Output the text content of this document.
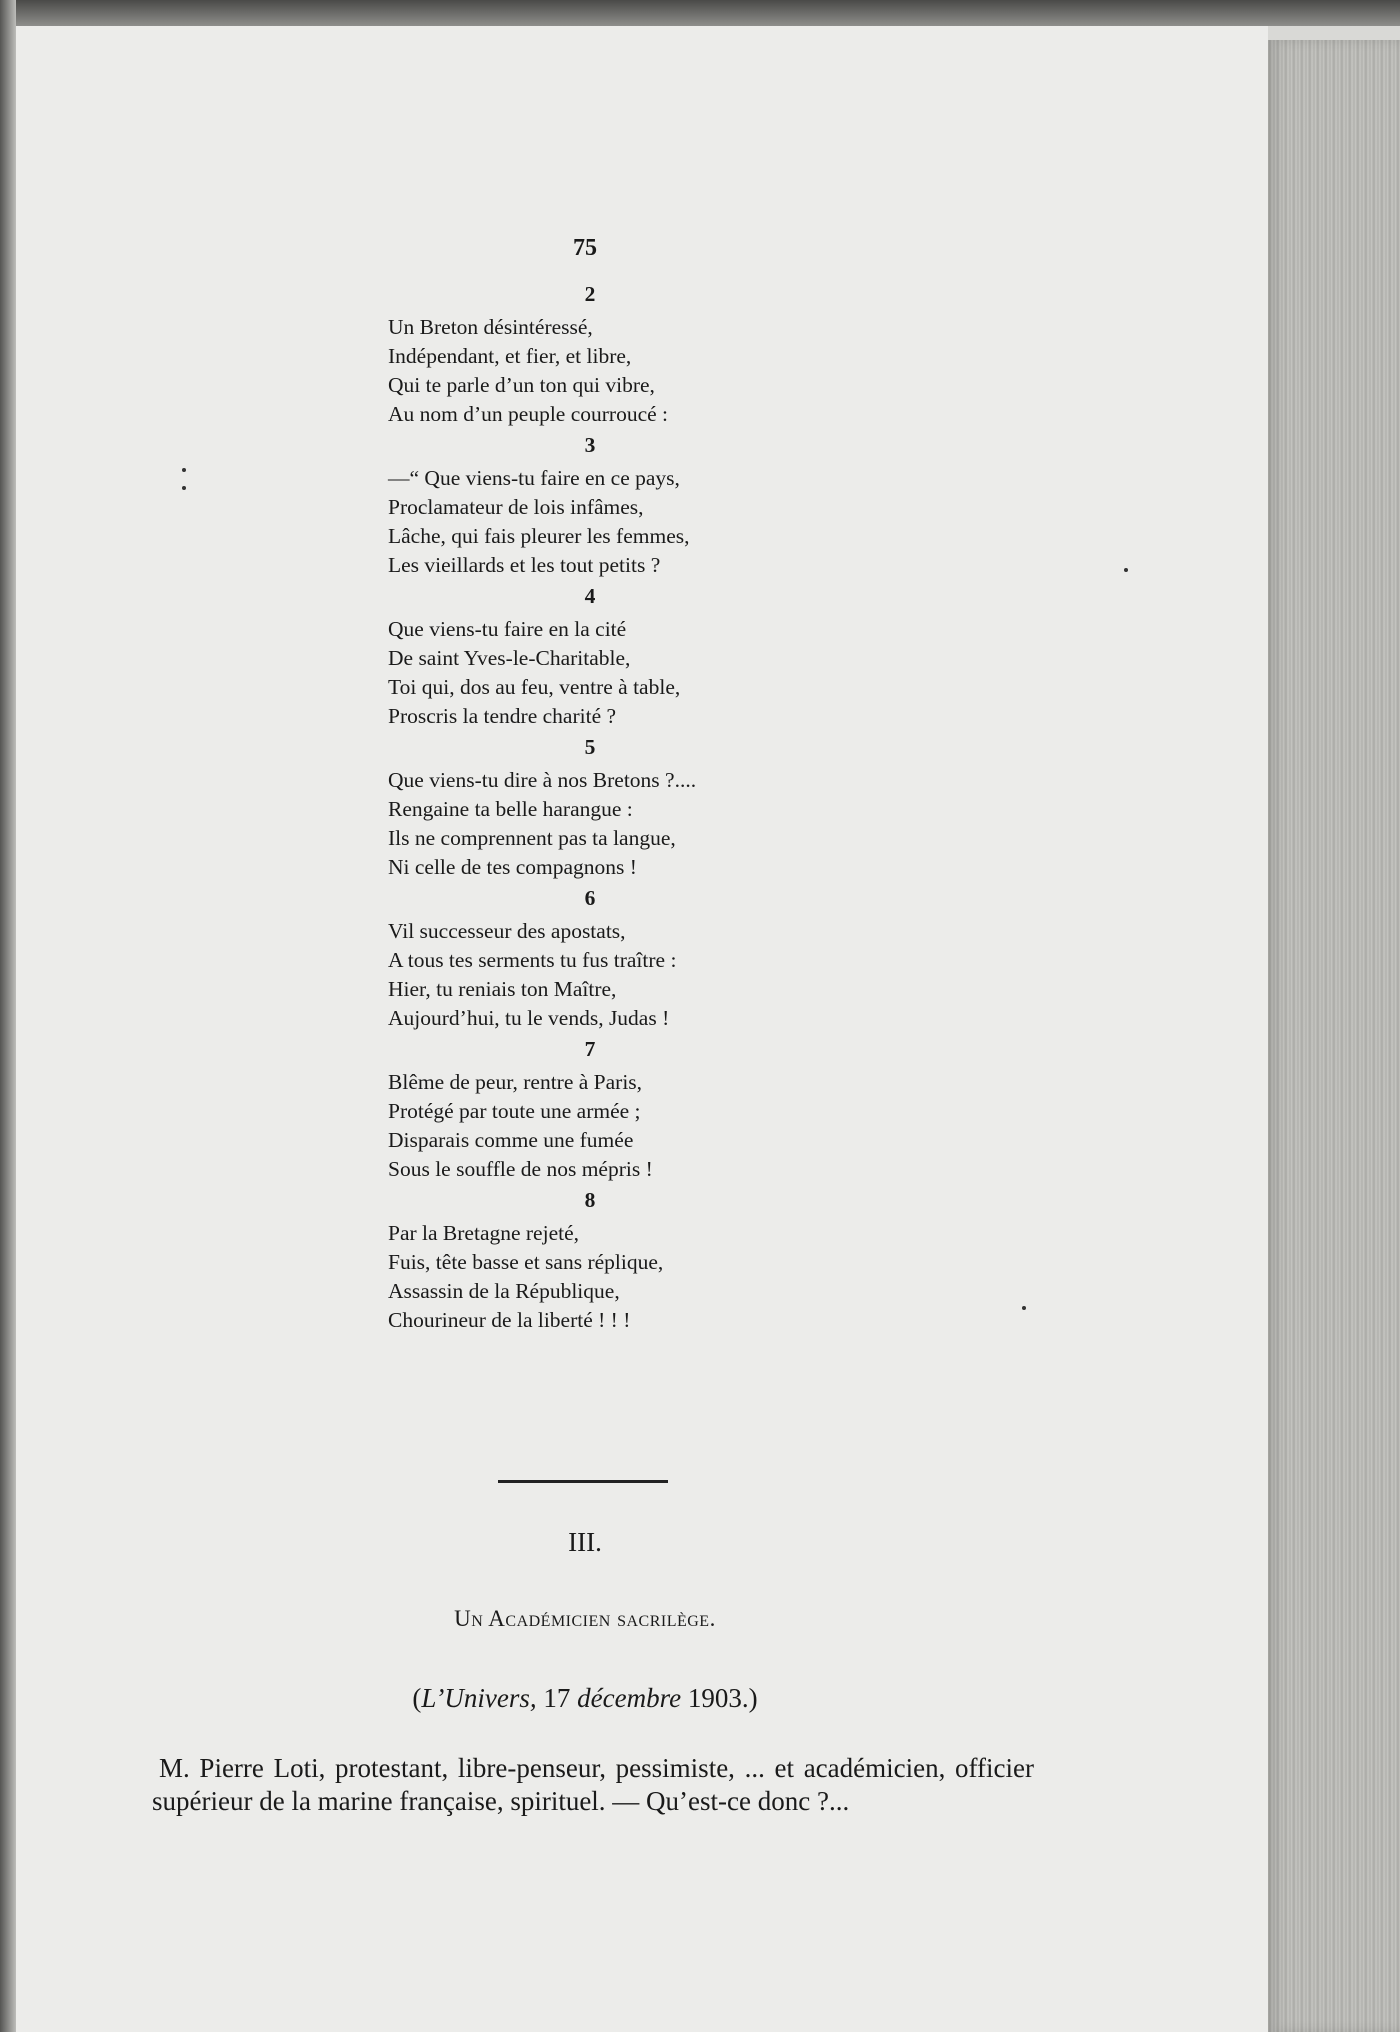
75
2
Un Breton désintéressé,
Indépendant, et fier, et libre,
Qui te parle d’un ton qui vibre,
Au nom d’un peuple courroucé :
3
—“ Que viens-tu faire en ce pays,
Proclamateur de lois infâmes,
Lâche, qui fais pleurer les femmes,
Les vieillards et les tout petits ?
4
Que viens-tu faire en la cité
De saint Yves-le-Charitable,
Toi qui, dos au feu, ventre à table,
Proscris la tendre charité ?
5
Que viens-tu dire à nos Bretons ?....
Rengaine ta belle harangue :
Ils ne comprennent pas ta langue,
Ni celle de tes compagnons !
6
Vil successeur des apostats,
A tous tes serments tu fus traître :
Hier, tu reniais ton Maître,
Aujourd’hui, tu le vends, Judas !
7
Blême de peur, rentre à Paris,
Protégé par toute une armée ;
Disparais comme une fumée
Sous le souffle de nos mépris !
8
Par la Bretagne rejeté,
Fuis, tête basse et sans réplique,
Assassin de la République,
Chourineur de la liberté ! ! !
III.
Un Académicien sacrilège.
(L’Univers, 17 décembre 1903.)
M. Pierre Loti, protestant, libre-penseur, pessimiste, ... et académicien, officier supérieur de la marine française, spirituel. — Qu’est-ce donc ?...
